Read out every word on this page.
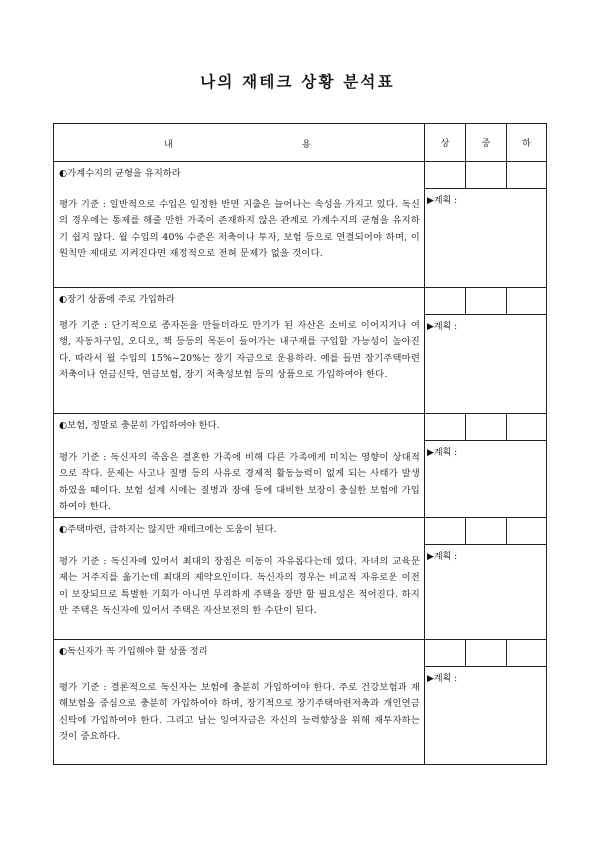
나의 재테크 상황 분석표
내 용	상	중	하

◐가계수지의 균형을 유지하라
평가 기준 : 일반적으로 수입은 일정한 반면 지출은 늘어나는 속성을 가지고 있다. 독신의 경우에는 통제를 해줄 만한 가족이 존재하지 않은 관계로 가계수지의 균형을 유지하기 쉽지 않다. 월 수입의 40% 수준은 저축이나 투자, 보험 등으로 연결되어야 하며, 이 원칙만 제대로 지켜진다면 재정적으로 전혀 문제가 없을 것이다.			

	▶계획 :		

◐장기 상품에 주로 가입하라
평가 기준 : 단기적으로 종자돈을 만들더라도 만기가 된 자산은 소비로 이어지거나 여행, 자동차구입, 오디오, 책 등등의 목돈이 들어가는 내구재를 구입할 가능성이 높아진다. 따라서 월 수입의 15%~20%는 장기 자금으로 운용하라. 예를 들면 장기주택마련저축이나 연금신탁, 연금보험, 장기 저축성보험 등의 상품으로 가입하여야 한다.			

	▶계획 :		

◐보험, 정말로 충분히 가입하여야 한다.
평가 기준 : 독신자의 죽음은 결혼한 가족에 비해 다른 가족에게 미치는 영향이 상대적으로 작다. 문제는 사고나 질병 등의 사유로 경제적 활동능력이 없게 되는 사태가 발생하였을 때이다. 보험 설계 시에는 질병과 장애 등에 대비한 보장이 충실한 보험에 가입하여야 한다.			

	▶계획 :		

◐주택마련, 급하지는 않지만 재테크에는 도움이 된다.
평가 기준 : 독신자에 있어서 최대의 장점은 이동이 자유롭다는데 있다. 자녀의 교육문제는 거주지를 옮기는데 최대의 제약요인이다. 독신자의 경우는 비교적 자유로운 이전이 보장되므로 특별한 기회가 아니면 무리하게 주택을 장만 할 필요성은 적어진다. 하지만 주택은 독신자에 있어서 주택은 자산보전의 한 수단이 된다.			

	▶계획 :		

◐독신자가 꼭 가입해야 할 상품 정리
평가 기준 : 결론적으로 독신자는 보험에 충분히 가입하여야 한다. 주로 건강보험과 재해보험을 중심으로 충분히 가입하여야 하며, 장기적으로 장기주택마련저축과 개인연금신탁에 가입하여야 한다. 그리고 남는 잉여자금은 자신의 능력향상을 위해 재투자하는 것이 중요하다.			

	▶계획 :		
